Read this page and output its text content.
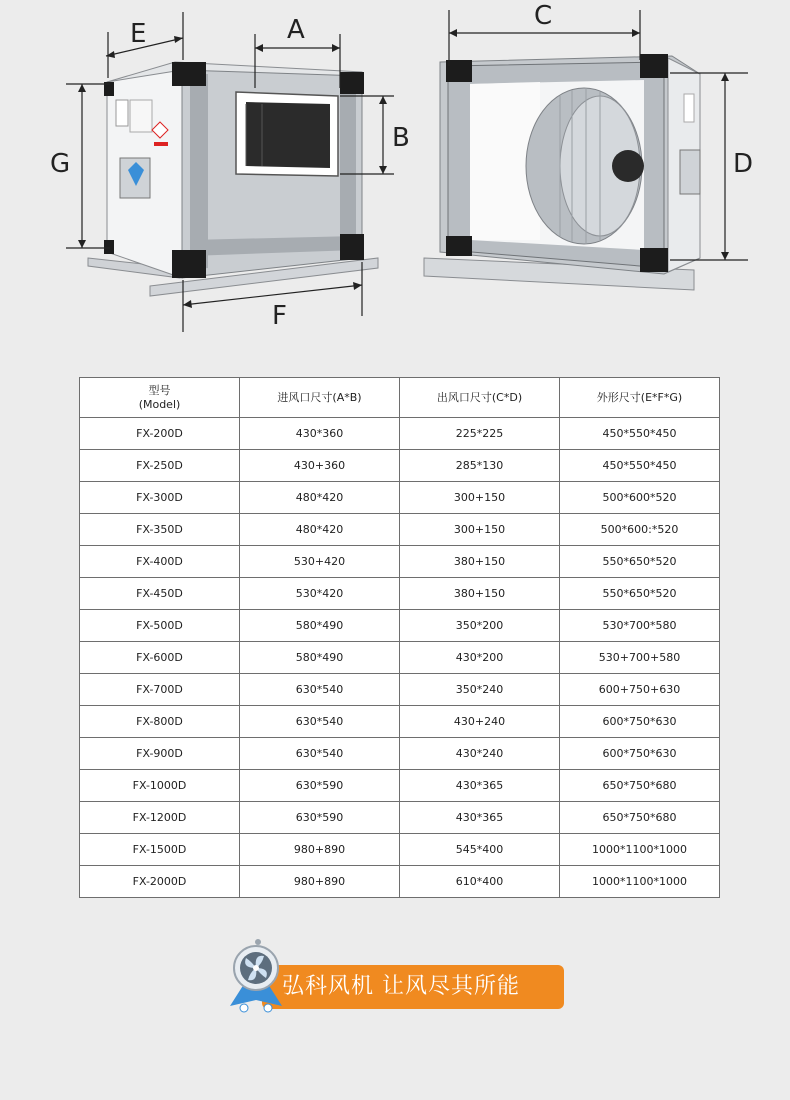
E	A
B
G
F
C
D
型号
(Model)	进风口尺寸(A*B)	出风口尺寸(C*D)	外形尺寸(E*F*G)

FX-200D	430*360	225*225	450*550*450
FX-250D	430+360	285*130	450*550*450
FX-300D	480*420	300+150	500*600*520
FX-350D	480*420	300+150	500*600:*520
FX-400D	530+420	380+150	550*650*520
FX-450D	530*420	380+150	550*650*520
FX-500D	580*490	350*200	530*700*580
FX-600D	580*490	430*200	530+700+580
FX-700D	630*540	350*240	600+750+630
FX-800D	630*540	430+240	600*750*630
FX-900D	630*540	430*240	600*750*630
FX-1000D	630*590	430*365	650*750*680
FX-1200D	630*590	430*365	650*750*680
FX-1500D	980+890	545*400	1000*1100*1000
FX-2000D	980+890	610*400	1000*1100*1000
弘科风机 让风尽其所能
